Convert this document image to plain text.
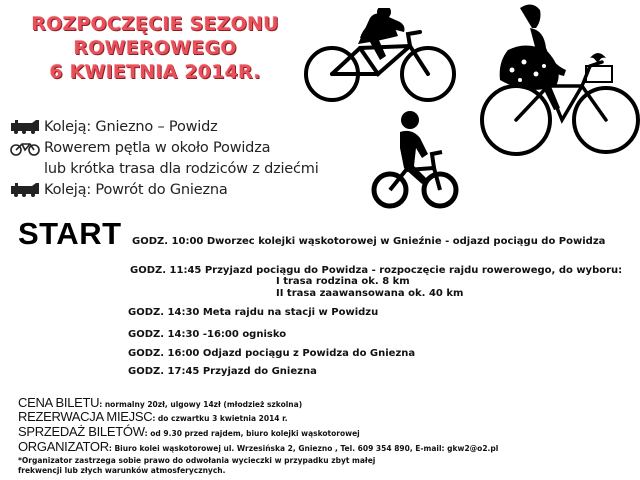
ROZPOCZĘCIE SEZONU
ROWEROWEGO
6 KWIETNIA 2014R.
Koleją: Gniezno – Powidz
Rowerem pętla w około Powidza
lub krótka trasa dla rodziców z dziećmi
Koleją: Powrót do Gniezna
START GODZ. 10:00 Dworzec kolejki wąskotorowej w Gnieźnie - odjazd pociągu do Powidza
GODZ. 11:45 Przyjazd pociągu do Powidza - rozpoczęcie rajdu rowerowego, do wyboru:
I trasa rodzina ok. 8 km
II trasa zaawansowana ok. 40 km
GODZ. 14:30 Meta rajdu na stacji w Powidzu
GODZ. 14:30 -16:00 ognisko
GODZ. 16:00 Odjazd pociągu z Powidza do Gniezna
GODZ. 17:45 Przyjazd do Gniezna
CENA BILETU: normalny 20zł, ulgowy 14zł (młodzież szkolna)
REZERWACJA MIEJSC: do czwartku 3 kwietnia 2014 r.
SPRZEDAŻ BILETÓW: od 9.30 przed rajdem, biuro kolejki wąskotorowej
ORGANIZATOR: Biuro kolei wąskotorowej ul. Wrzesińska 2, Gniezno , Tel. 609 354 890, E-mail: gkw2@o2.pl
*Organizator zastrzega sobie prawo do odwołania wycieczki w przypadku zbyt małej frekwencji lub złych warunków atmosferycznych.
